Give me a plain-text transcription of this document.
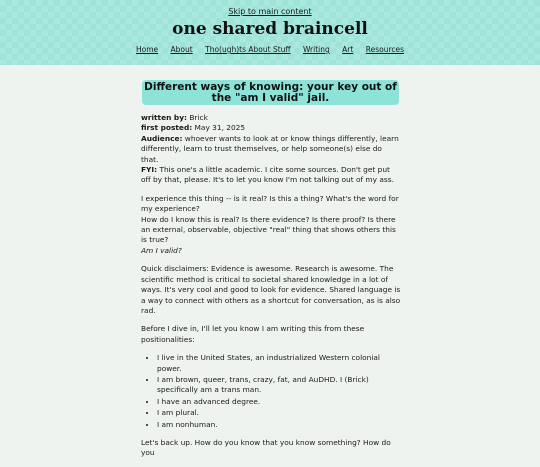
Skip to main content
one shared braincell
Home About Tho(ugh)ts About Stuff Writing Art Resources
Different ways of knowing: your key out of the "am I valid" jail.

written by: Brick

first posted: May 31, 2025

Audience: whoever wants to look at or know things differently, learn differently, learn to trust themselves, or help someone(s) else do that.

FYI: This one's a little academic. I cite some sources. Don't get put off by that, please. It's to let you know I'm not talking out of my ass.

I experience this thing -- is it real? Is this a thing? What's the word for my experience?
How do I know this is real? Is there evidence? Is there proof? Is there an external, observable, objective "real" thing that shows others this is true?
Am I valid?

Quick disclaimers: Evidence is awesome. Research is awesome. The scientific method is critical to societal shared knowledge in a lot of ways. It's very cool and good to look for evidence. Shared language is a way to connect with others as a shortcut for conversation, as is also rad.

Before I dive in, I'll let you know I am writing this from these positionalities:

• I live in the United States, an industrialized Western colonial power.
• I am brown, queer, trans, crazy, fat, and AuDHD. I (Brick) specifically am a trans man.
• I have an advanced degree.
• I am plural.
• I am nonhuman.

Let's back up. How do you know that you know something? How do you
